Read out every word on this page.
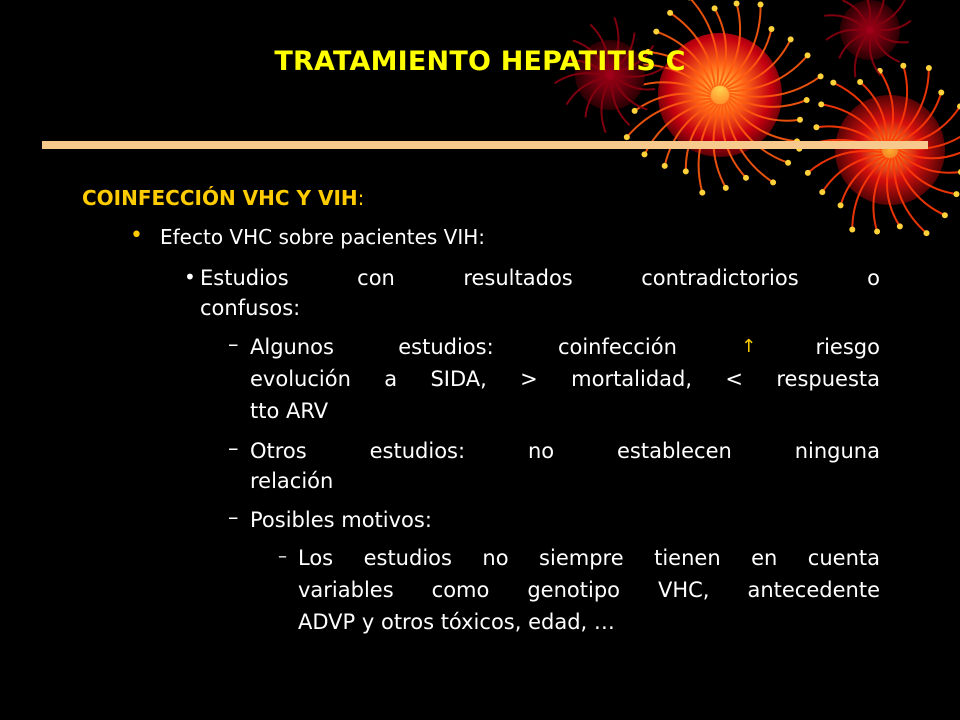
TRATAMIENTO HEPATITIS C
COINFECCIÓN VHC Y VIH:
• Efecto VHC sobre pacientes VIH:
• Estudios con resultados contradictorios o
confusos:
– Algunos	estudios:	coinfección	↑	riesgo
evolución a SIDA, > mortalidad, < respuesta
tto ARV
– Otros estudios: no establecen ninguna
relación
– Posibles motivos:
– Los estudios no siempre tienen en cuenta
variables como genotipo VHC, antecedente
ADVP y otros tóxicos, edad, …
